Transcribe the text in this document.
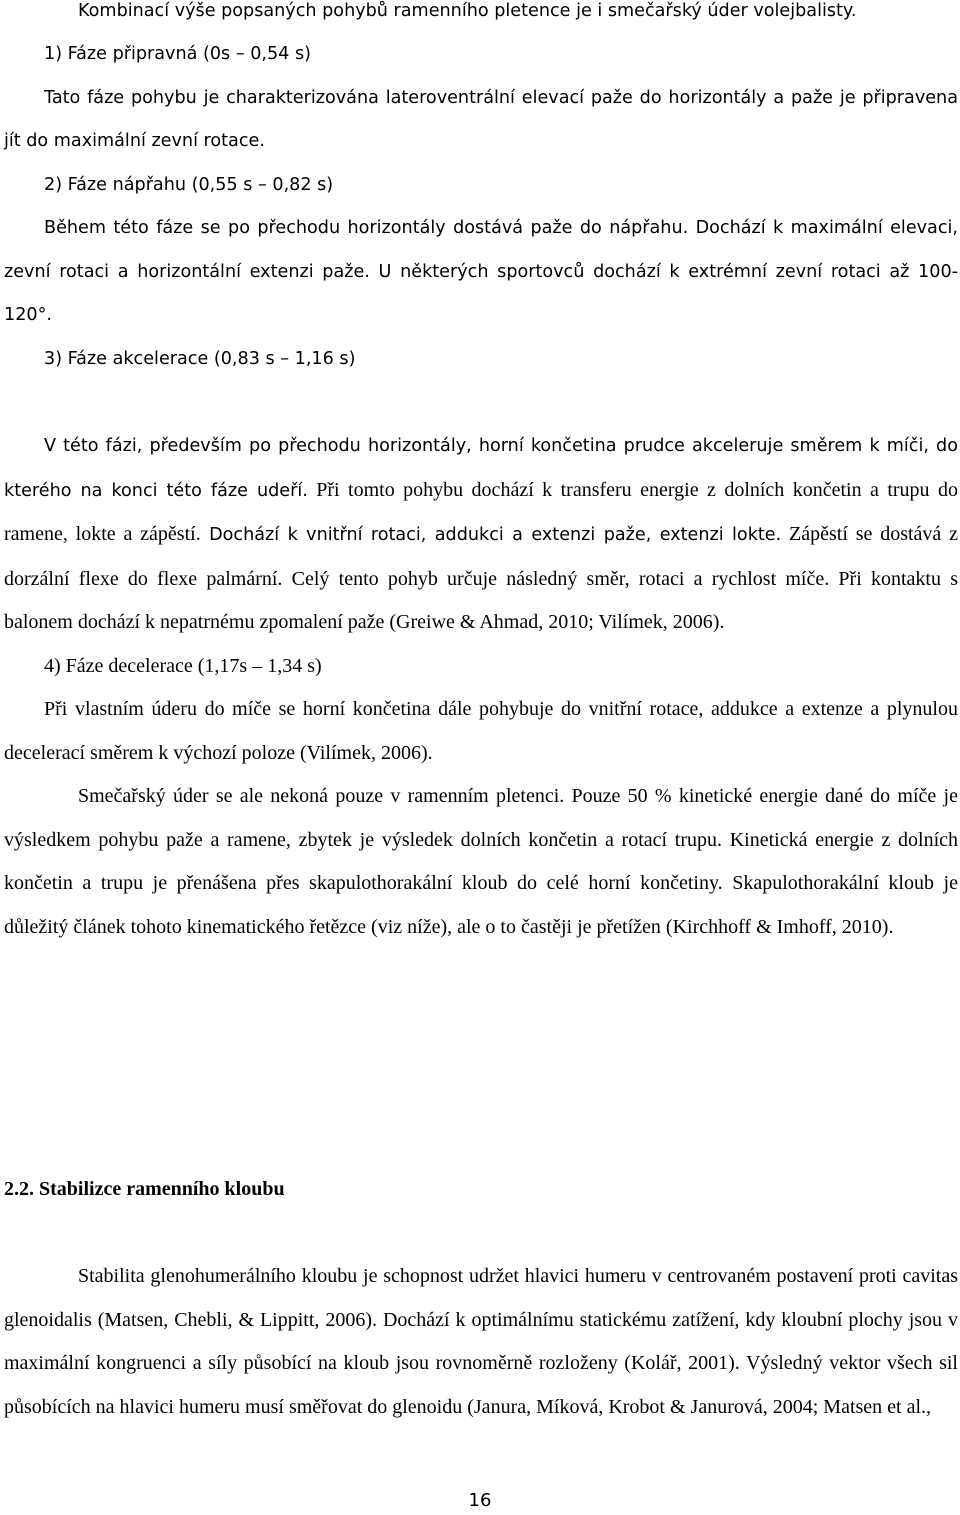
Kombinací výše popsaných pohybů ramenního pletence je i smečařský úder volejbalisty.

1) Fáze připravná (0s – 0,54 s)

Tato fáze pohybu je charakterizována lateroventrální elevací paže do horizontály a paže je připravena jít do maximální zevní rotace.

2) Fáze nápřahu (0,55 s – 0,82 s)

Během této fáze se po přechodu horizontály dostává paže do nápřahu. Dochází k maximální elevaci, zevní rotaci a horizontální extenzi paže. U některých sportovců dochází k extrémní zevní rotaci až 100-120°.

3) Fáze akcelerace (0,83 s – 1,16 s)

V této fázi, především po přechodu horizontály, horní končetina prudce akceleruje směrem k míči, do kterého na konci této fáze udeří. Při tomto pohybu dochází k transferu energie z dolních končetin a trupu do ramene, lokte a zápěstí. Dochází k vnitřní rotaci, addukci a extenzi paže, extenzi lokte. Zápěstí se dostává z dorzální flexe do flexe palmární. Celý tento pohyb určuje následný směr, rotaci a rychlost míče. Při kontaktu s balonem dochází k nepatrnému zpomalení paže (Greiwe & Ahmad, 2010; Vilímek, 2006).

4) Fáze decelerace (1,17s – 1,34 s)

Při vlastním úderu do míče se horní končetina dále pohybuje do vnitřní rotace, addukce a extenze a plynulou decelerací směrem k výchozí poloze (Vilímek, 2006).

Smečařský úder se ale nekoná pouze v ramenním pletenci. Pouze 50 % kinetické energie dané do míče je výsledkem pohybu paže a ramene, zbytek je výsledek dolních končetin a rotací trupu. Kinetická energie z dolních končetin a trupu je přenášena přes skapulothorakální kloub do celé horní končetiny. Skapulothorakální kloub je důležitý článek tohoto kinematického řetězce (viz níže), ale o to častěji je přetížen (Kirchhoff & Imhoff, 2010).

2.2. Stabilizce ramenního kloubu

Stabilita glenohumerálního kloubu je schopnost udržet hlavici humeru v centrovaném postavení proti cavitas glenoidalis (Matsen, Chebli, & Lippitt, 2006). Dochází k optimálnímu statickému zatížení, kdy kloubní plochy jsou v maximální kongruenci a síly působící na kloub jsou rovnoměrně rozloženy (Kolář, 2001). Výsledný vektor všech sil působících na hlavici humeru musí směřovat do glenoidu (Janura, Míková, Krobot & Janurová, 2004; Matsen et al.,

16
